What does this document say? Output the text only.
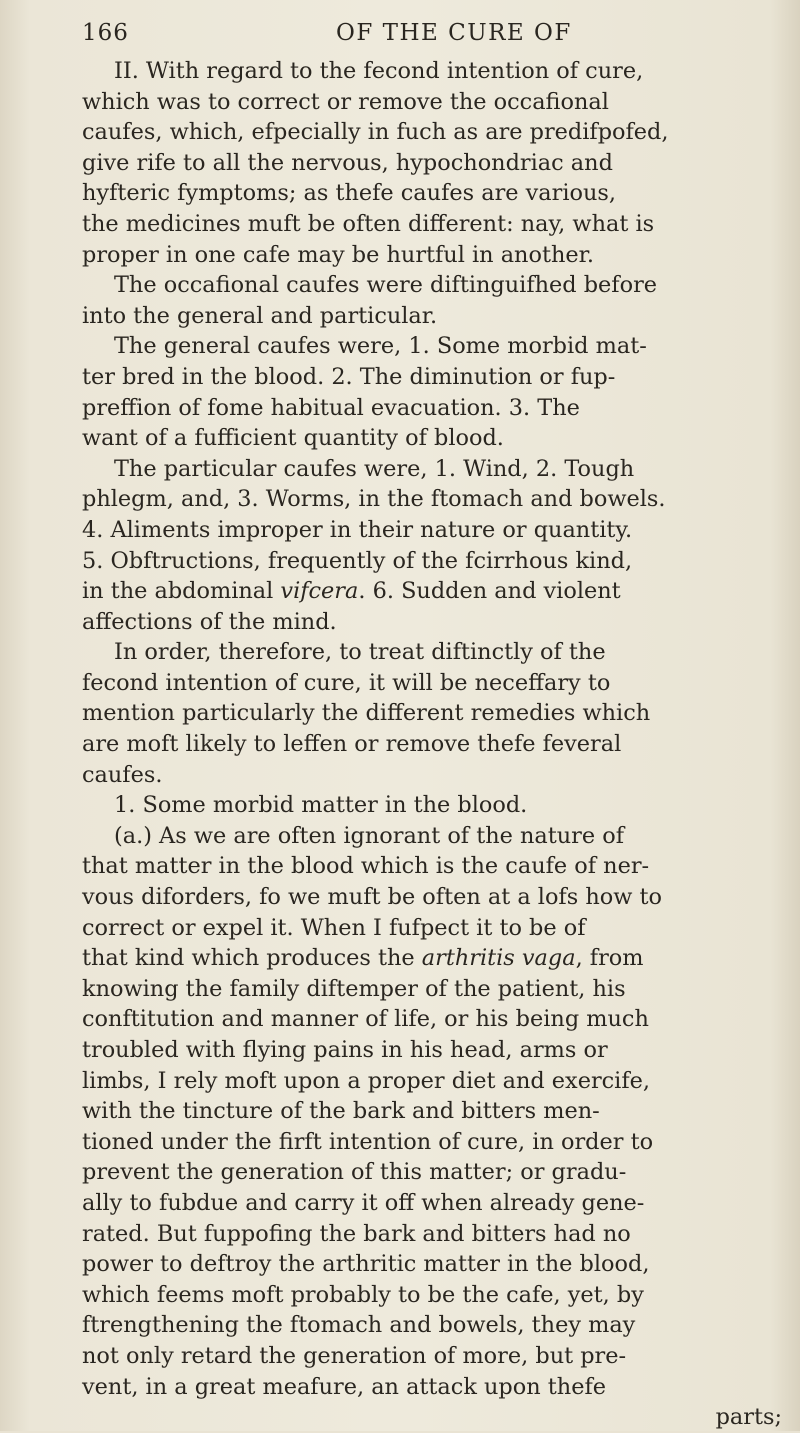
166	OF THE CURE OF
II. With regard to the fecond intention of cure,
which was to correct or remove the occafional
caufes, which, efpecially in fuch as are predifpofed,
give rife to all the nervous, hypochondriac and
hyfteric fymptoms; as thefe caufes are various,
the medicines muft be often different: nay, what is
proper in one cafe may be hurtful in another.
The occafional caufes were diftinguifhed before
into the general and particular.
The general caufes were, 1. Some morbid mat-
ter bred in the blood. 2. The diminution or fup-
preffion of fome habitual evacuation. 3. The
want of a fufficient quantity of blood.
The particular caufes were, 1. Wind, 2. Tough
phlegm, and, 3. Worms, in the ftomach and bowels.
4. Aliments improper in their nature or quantity.
5. Obftructions, frequently of the fcirrhous kind,
in the abdominal vifcera. 6. Sudden and violent
affections of the mind.
In order, therefore, to treat diftinctly of the
fecond intention of cure, it will be neceffary to
mention particularly the different remedies which
are moft likely to leffen or remove thefe feveral
caufes.
1. Some morbid matter in the blood.
(a.) As we are often ignorant of the nature of
that matter in the blood which is the caufe of ner-
vous diforders, fo we muft be often at a lofs how to
correct or expel it. When I fufpect it to be of
that kind which produces the arthritis vaga, from
knowing the family diftemper of the patient, his
conftitution and manner of life, or his being much
troubled with flying pains in his head, arms or
limbs, I rely moft upon a proper diet and exercife,
with the tincture of the bark and bitters men-
tioned under the firft intention of cure, in order to
prevent the generation of this matter; or gradu-
ally to fubdue and carry it off when already gene-
rated. But fuppofing the bark and bitters had no
power to deftroy the arthritic matter in the blood,
which feems moft probably to be the cafe, yet, by
ftrengthening the ftomach and bowels, they may
not only retard the generation of more, but pre-
vent, in a great meafure, an attack upon thefe
parts;
